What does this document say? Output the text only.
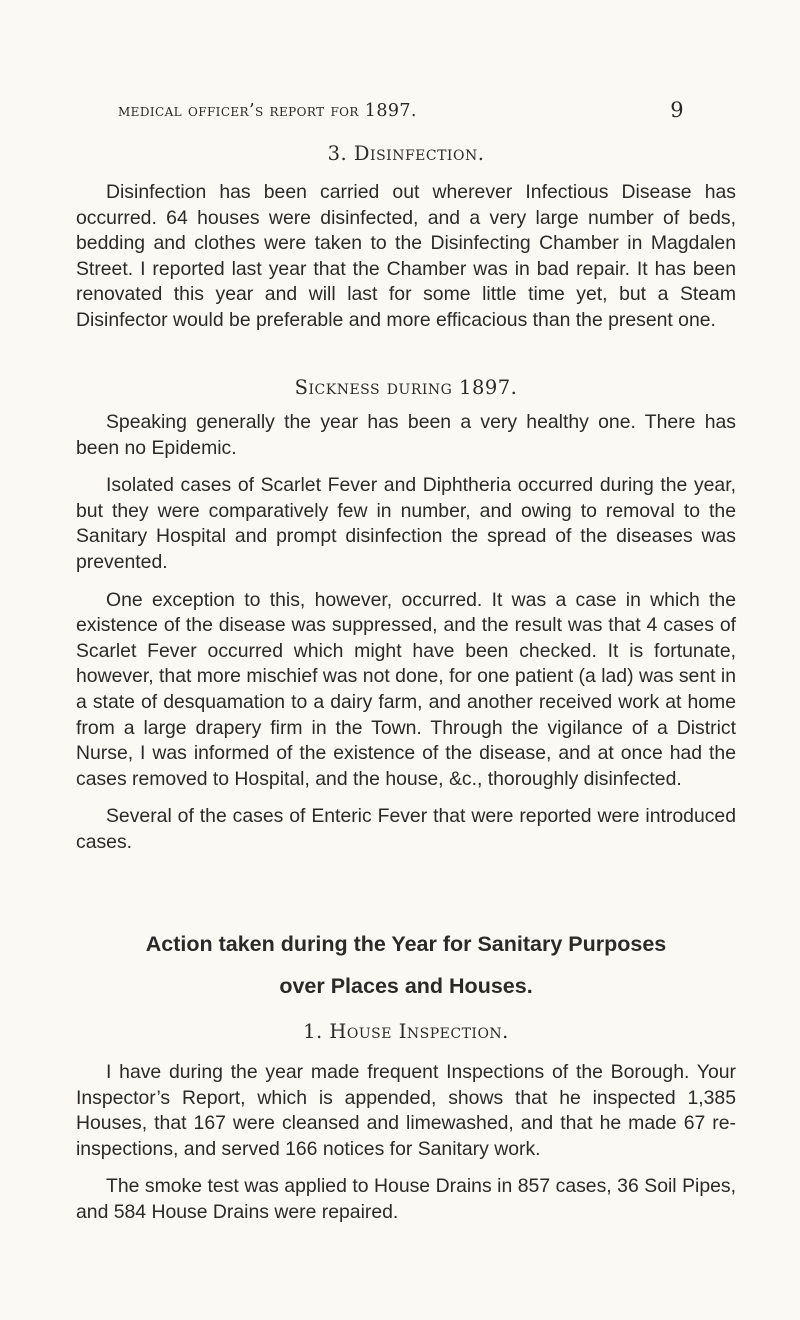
medical officer’s report for 1897.	9
3. Disinfection.

Disinfection has been carried out wherever Infectious Disease has occurred. 64 houses were disinfected, and a very large number of beds, bedding and clothes were taken to the Disinfecting Chamber in Magdalen Street. I reported last year that the Chamber was in bad repair. It has been renovated this year and will last for some little time yet, but a Steam Disinfector would be preferable and more efficacious than the present one.

Sickness during 1897.

Speaking generally the year has been a very healthy one. There has been no Epidemic.

Isolated cases of Scarlet Fever and Diphtheria occurred during the year, but they were comparatively few in number, and owing to removal to the Sanitary Hospital and prompt disinfection the spread of the diseases was prevented.

One exception to this, however, occurred. It was a case in which the existence of the disease was suppressed, and the result was that 4 cases of Scarlet Fever occurred which might have been checked. It is fortunate, however, that more mischief was not done, for one patient (a lad) was sent in a state of desquamation to a dairy farm, and another received work at home from a large drapery firm in the Town. Through the vigilance of a District Nurse, I was informed of the existence of the disease, and at once had the cases removed to Hospital, and the house, &c., thoroughly disinfected.

Several of the cases of Enteric Fever that were reported were introduced cases.

Action taken during the Year for Sanitary Purposes
over Places and Houses.
1. House Inspection.

I have during the year made frequent Inspections of the Borough. Your Inspector’s Report, which is appended, shows that he inspected 1,385 Houses, that 167 were cleansed and limewashed, and that he made 67 re-inspections, and served 166 notices for Sanitary work.

The smoke test was applied to House Drains in 857 cases, 36 Soil Pipes, and 584 House Drains were repaired.
